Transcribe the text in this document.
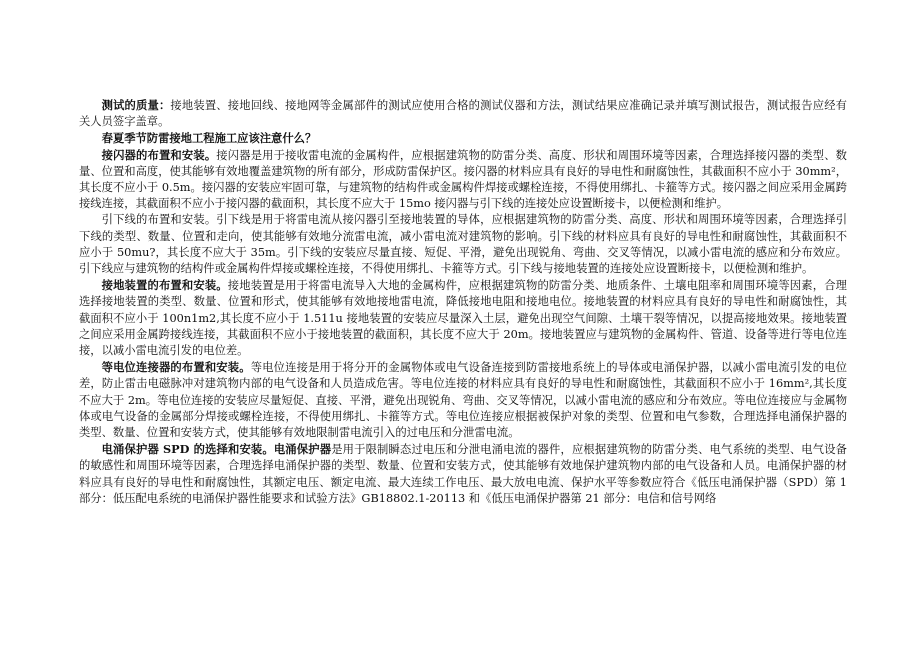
测试的质量：接地装置、接地回线、接地网等金属部件的测试应使用合格的测试仪器和方法，测试结果应准确记录并填写测试报告，测试报告应经有关人员签字盖章。

春夏季节防雷接地工程施工应该注意什么？

接闪器的布置和安装。接闪器是用于接收雷电流的金属构件，应根据建筑物的防雷分类、高度、形状和周围环境等因素，合理选择接闪器的类型、数量、位置和高度，使其能够有效地覆盖建筑物的所有部分，形成防雷保护区。接闪器的材料应具有良好的导电性和耐腐蚀性，其截面积不应小于 30mm²，其长度不应小于 0.5m。接闪器的安装应牢固可靠，与建筑物的结构件或金属构件焊接或螺栓连接，不得使用绑扎、卡箍等方式。接闪器之间应采用金属跨接线连接，其截面积不应小于接闪器的截面积，其长度不应大于 15mo 接闪器与引下线的连接处应设置断接卡，以便检测和维护。

引下线的布置和安装。引下线是用于将雷电流从接闪器引至接地装置的导体，应根据建筑物的防雷分类、高度、形状和周围环境等因素，合理选择引下线的类型、数量、位置和走向，使其能够有效地分流雷电流，减小雷电流对建筑物的影响。引下线的材料应具有良好的导电性和耐腐蚀性，其截面积不应小于 50mu?，其长度不应大于 35m。引下线的安装应尽量直接、短促、平滑，避免出现锐角、弯曲、交叉等情况，以减小雷电流的感应和分布效应。引下线应与建筑物的结构件或金属构件焊接或螺栓连接，不得使用绑扎、卡箍等方式。引下线与接地装置的连接处应设置断接卡，以便检测和维护。

接地装置的布置和安装。接地装置是用于将雷电流导入大地的金属构件，应根据建筑物的防雷分类、地质条件、土壤电阻率和周围环境等因素，合理选择接地装置的类型、数量、位置和形式，使其能够有效地接地雷电流，降低接地电阻和接地电位。接地装置的材料应具有良好的导电性和耐腐蚀性，其截面积不应小于 100n1m2,其长度不应小于 1.511u 接地装置的安装应尽量深入土层，避免出现空气间隙、土壤干裂等情况，以提高接地效果。接地装置之间应采用金属跨接线连接，其截面积不应小于接地装置的截面积，其长度不应大于 20m。接地装置应与建筑物的金属构件、管道、设备等进行等电位连接，以减小雷电流引发的电位差。

等电位连接器的布置和安装。等电位连接是用于将分开的金属物体或电气设备连接到防雷接地系统上的导体或电涌保护器，以减小雷电流引发的电位差，防止雷击电磁脉冲对建筑物内部的电气设备和人员造成危害。等电位连接的材料应具有良好的导电性和耐腐蚀性，其截面积不应小于 16mm²,其长度不应大于 2m。等电位连接的安装应尽量短促、直接、平滑，避免出现锐角、弯曲、交叉等情况，以减小雷电流的感应和分布效应。等电位连接应与金属物体或电气设备的金属部分焊接或螺栓连接，不得使用绑扎、卡箍等方式。等电位连接应根据被保护对象的类型、位置和电气参数，合理选择电涌保护器的类型、数量、位置和安装方式，使其能够有效地限制雷电流引入的过电压和分泄雷电流。

电涌保护器 SPD 的选择和安装。电涌保护器是用于限制瞬态过电压和分泄电涌电流的器件，应根据建筑物的防雷分类、电气系统的类型、电气设备的敏感性和周围环境等因素，合理选择电涌保护器的类型、数量、位置和安装方式，使其能够有效地保护建筑物内部的电气设备和人员。电涌保护器的材料应具有良好的导电性和耐腐蚀性，其额定电压、额定电流、最大连续工作电压、最大放电电流、保护水平等参数应符合《低压电涌保护器（SPD）第 1 部分：低压配电系统的电涌保护器性能要求和试验方法》GB18802.1-20113 和《低压电涌保护器第 21 部分：电信和信号网络
